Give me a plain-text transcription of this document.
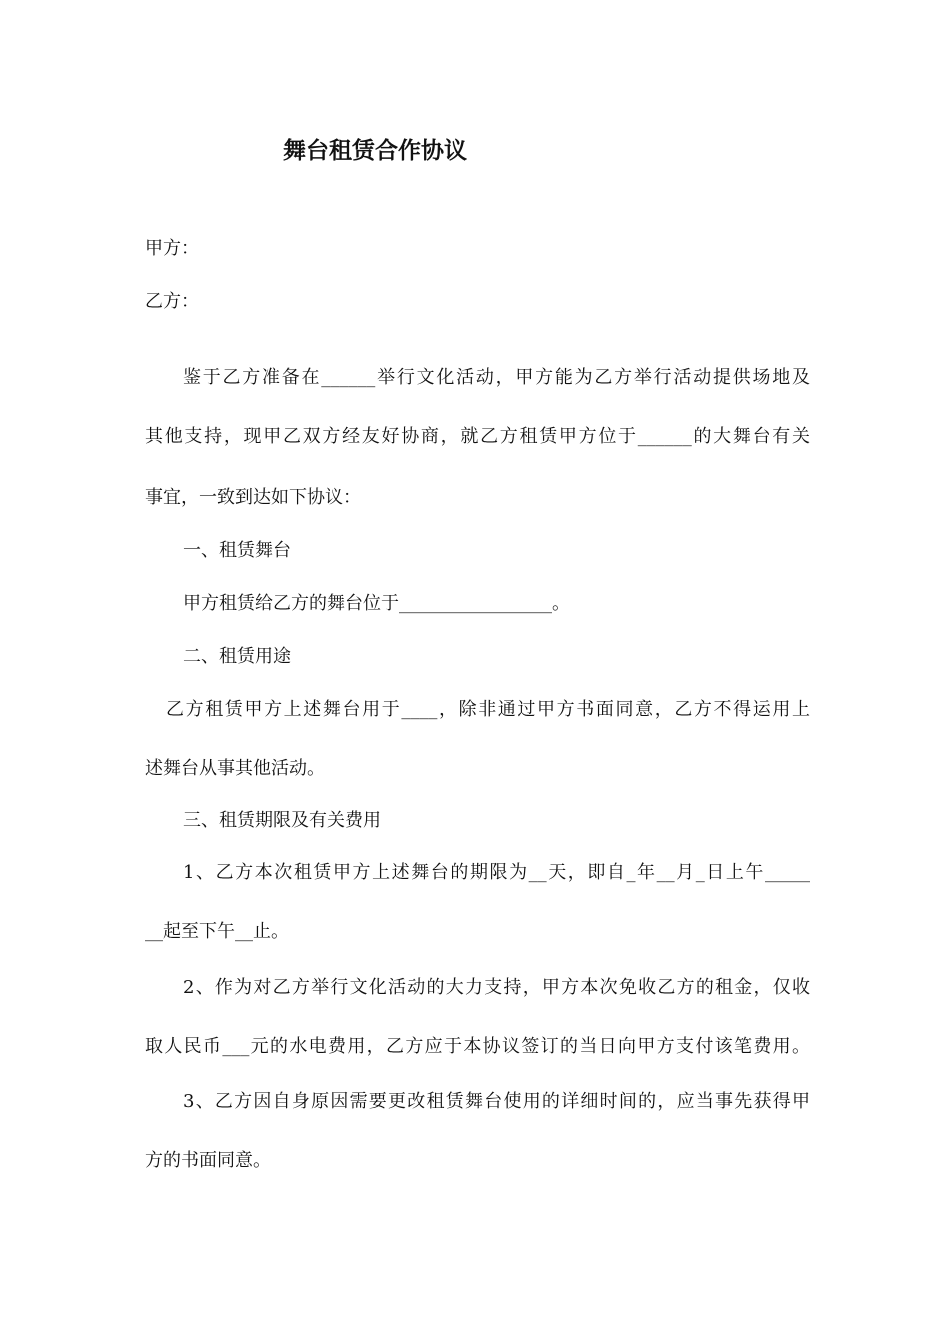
舞台租赁合作协议
甲方：
乙方：
鉴于乙方准备在______举行文化活动，甲方能为乙方举行活动提供场地及
其他支持，现甲乙双方经友好协商，就乙方租赁甲方位于______的大舞台有关
事宜，一致到达如下协议：
一、租赁舞台
甲方租赁给乙方的舞台位于_________________。
二、租赁用途
乙方租赁甲方上述舞台用于____，除非通过甲方书面同意，乙方不得运用上
述舞台从事其他活动。
三、租赁期限及有关费用
1、乙方本次租赁甲方上述舞台的期限为__天，即自_年__月_日上午_____
__起至下午__止。
2、作为对乙方举行文化活动的大力支持，甲方本次免收乙方的租金，仅收
取人民币___元的水电费用，乙方应于本协议签订的当日向甲方支付该笔费用。
3、乙方因自身原因需要更改租赁舞台使用的详细时间的，应当事先获得甲
方的书面同意。
